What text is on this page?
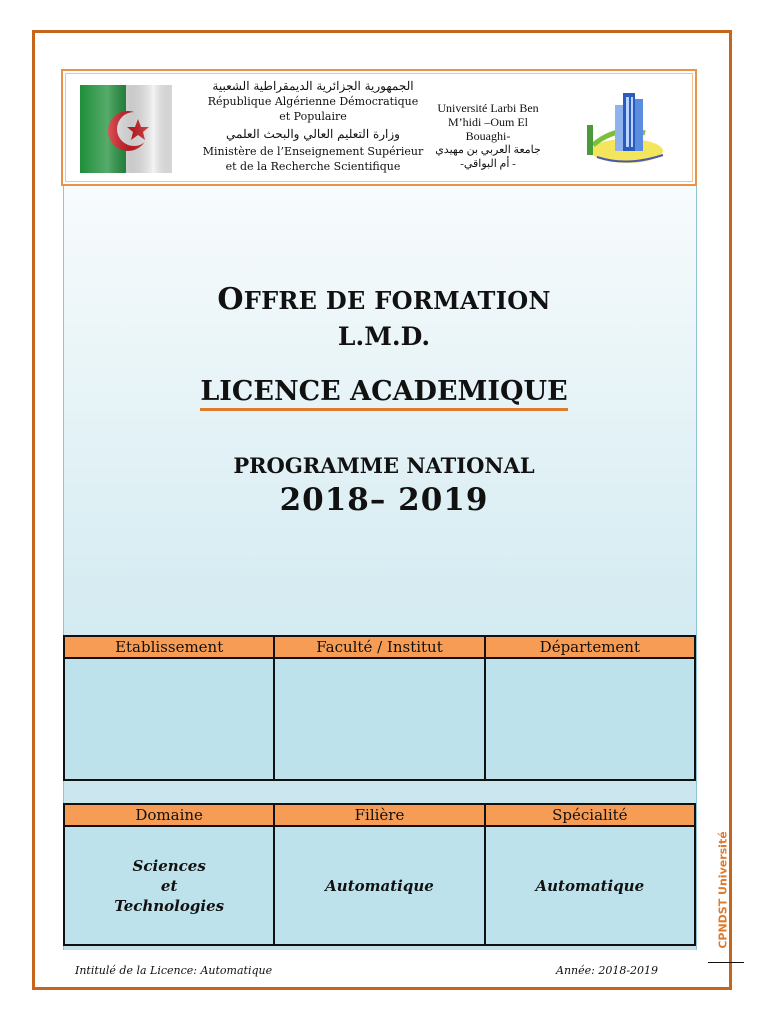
الجمهورية الجزائرية الديمقراطية الشعبية
République Algérienne Démocratique
et Populaire
وزارة التعليم العالي والبحث العلمي
Ministère de l’Enseignement Supérieur
et de la Recherche Scientifique
Université Larbi Ben
M’hidi –Oum El Bouaghi-
جامعة العربي بن مهيدي
- أم البواقي-
OFFRE DE FORMATION
L.M.D.
LICENCE ACADEMIQUE
PROGRAMME NATIONAL
2018– 2019
Etablissement	Faculté / Institut	Département

Domaine	Filière	Spécialité

Sciences
et
Technologies	Automatique	Automatique
Intitulé de la Licence: Automatique	Année: 2018-2019
CPNDST Université
